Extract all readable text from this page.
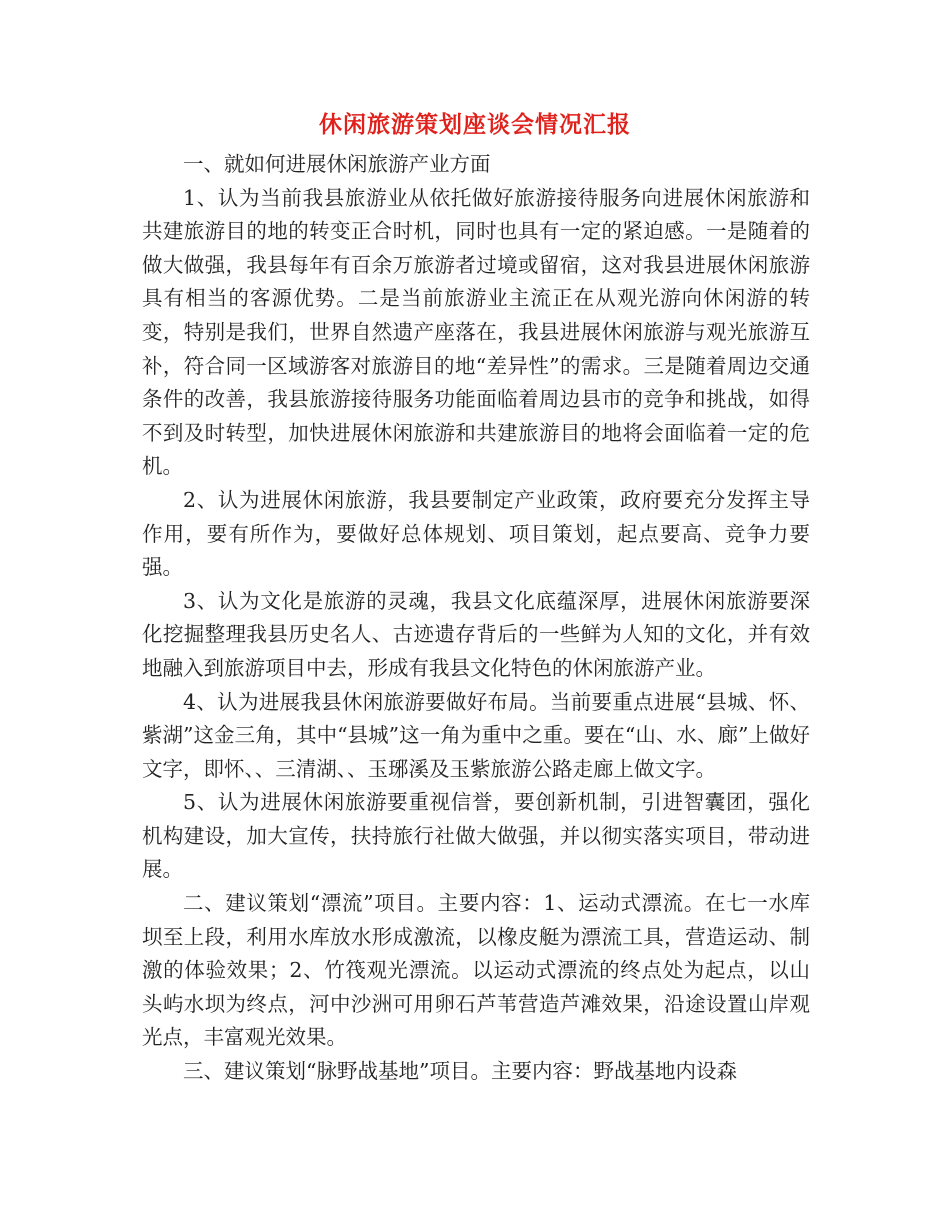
休闲旅游策划座谈会情况汇报

一、就如何进展休闲旅游产业方面

1、认为当前我县旅游业从依托做好旅游接待服务向进展休闲旅游和共建旅游目的地的转变正合时机，同时也具有一定的紧迫感。一是随着的做大做强，我县每年有百余万旅游者过境或留宿，这对我县进展休闲旅游具有相当的客源优势。二是当前旅游业主流正在从观光游向休闲游的转变，特别是我们，世界自然遗产座落在，我县进展休闲旅游与观光旅游互补，符合同一区域游客对旅游目的地“差异性”的需求。三是随着周边交通条件的改善，我县旅游接待服务功能面临着周边县市的竞争和挑战，如得不到及时转型，加快进展休闲旅游和共建旅游目的地将会面临着一定的危机。

2、认为进展休闲旅游，我县要制定产业政策，政府要充分发挥主导作用，要有所作为，要做好总体规划、项目策划，起点要高、竞争力要强。

3、认为文化是旅游的灵魂，我县文化底蕴深厚，进展休闲旅游要深化挖掘整理我县历史名人、古迹遗存背后的一些鲜为人知的文化，并有效地融入到旅游项目中去，形成有我县文化特色的休闲旅游产业。

4、认为进展我县休闲旅游要做好布局。当前要重点进展“县城、怀、紫湖”这金三角，其中“县城”这一角为重中之重。要在“山、水、廊”上做好文字，即怀、、三清湖、、玉琊溪及玉紫旅游公路走廊上做文字。

5、认为进展休闲旅游要重视信誉，要创新机制，引进智囊团，强化机构建设，加大宣传，扶持旅行社做大做强，并以彻实落实项目，带动进展。

二、建议策划“漂流”项目。主要内容：1、运动式漂流。在七一水库坝至上段，利用水库放水形成激流，以橡皮艇为漂流工具，营造运动、制激的体验效果；2、竹筏观光漂流。以运动式漂流的终点处为起点，以山头屿水坝为终点，河中沙洲可用卵石芦苇营造芦滩效果，沿途设置山岸观光点，丰富观光效果。

三、建议策划“脉野战基地”项目。主要内容：野战基地内设森
